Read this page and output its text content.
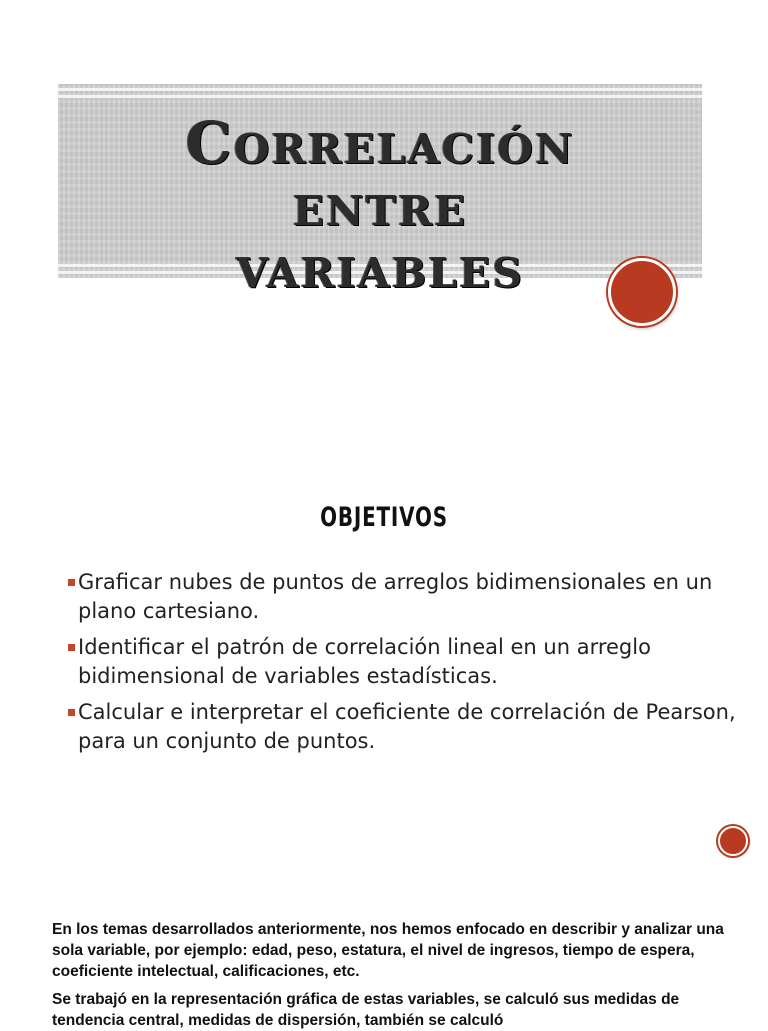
Correlación
entre
variables
OBJETIVOS
Graficar nubes de puntos de arreglos bidimensionales en un plano cartesiano.
Identificar el patrón de correlación lineal en un arreglo bidimensional de variables estadísticas.
Calcular e interpretar el coeficiente de correlación de Pearson, para un conjunto de puntos.

En los temas desarrollados anteriormente, nos hemos enfocado en describir y analizar una sola variable, por ejemplo: edad, peso, estatura, el nivel de ingresos, tiempo de espera, coeficiente intelectual, calificaciones, etc.

Se trabajó en la representación gráfica de estas variables, se calculó sus medidas de tendencia central, medidas de dispersión, también se calculó
